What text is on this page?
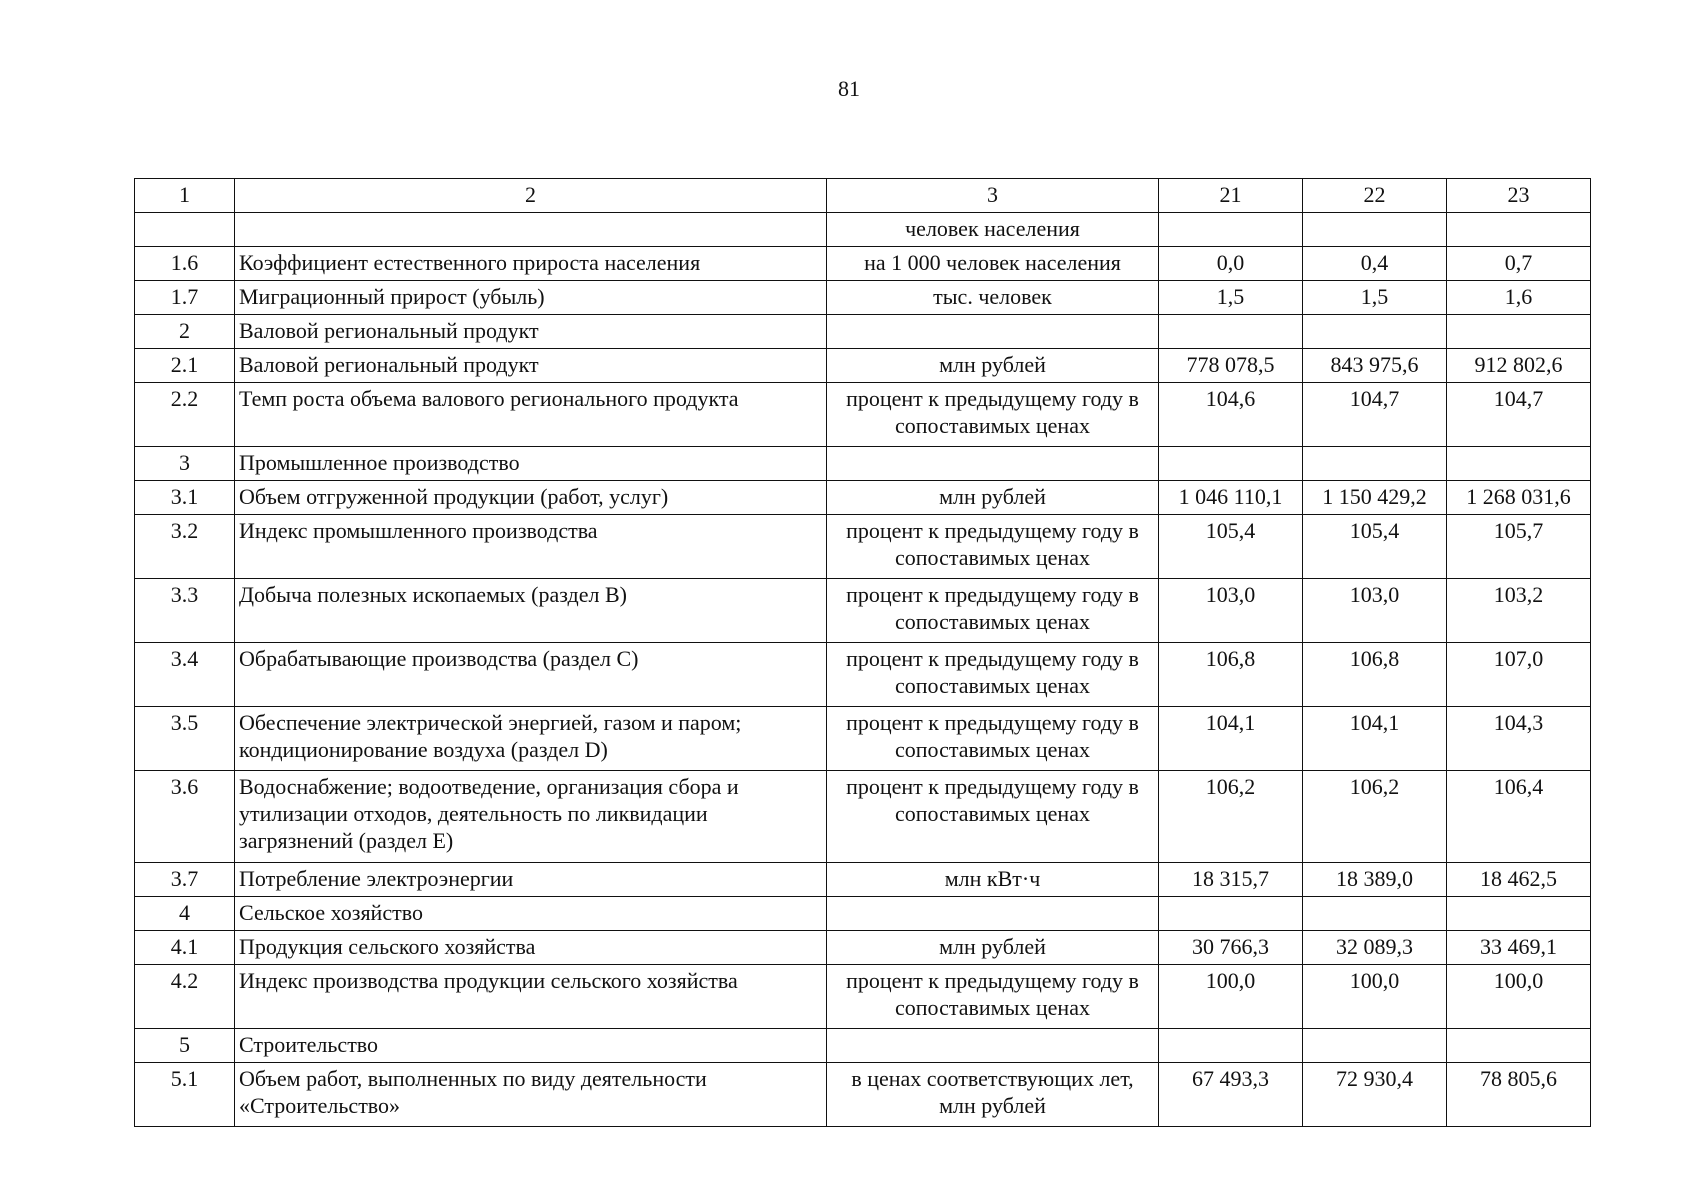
81
1	2	3	21	22	23
		человек населения			
1.6	Коэффициент естественного прироста населения	на 1 000 человек населения	0,0	0,4	0,7
1.7	Миграционный прирост (убыль)	тыс. человек	1,5	1,5	1,6
2	Валовой региональный продукт				
2.1	Валовой региональный продукт	млн рублей	778 078,5	843 975,6	912 802,6
2.2	Темп роста объема валового регионального продукта	процент к предыдущему году в сопоставимых ценах	104,6	104,7	104,7
3	Промышленное производство				
3.1	Объем отгруженной продукции (работ, услуг)	млн рублей	1 046 110,1	1 150 429,2	1 268 031,6
3.2	Индекс промышленного производства	процент к предыдущему году в сопоставимых ценах	105,4	105,4	105,7
3.3	Добыча полезных ископаемых (раздел B)	процент к предыдущему году в сопоставимых ценах	103,0	103,0	103,2
3.4	Обрабатывающие производства (раздел C)	процент к предыдущему году в сопоставимых ценах	106,8	106,8	107,0
3.5	Обеспечение электрической энергией, газом и паром; кондиционирование воздуха (раздел D)	процент к предыдущему году в сопоставимых ценах	104,1	104,1	104,3
3.6	Водоснабжение; водоотведение, организация сбора и утилизации отходов, деятельность по ликвидации загрязнений (раздел E)	процент к предыдущему году в сопоставимых ценах	106,2	106,2	106,4
3.7	Потребление электроэнергии	млн кВт·ч	18 315,7	18 389,0	18 462,5
4	Сельское хозяйство				
4.1	Продукция сельского хозяйства	млн рублей	30 766,3	32 089,3	33 469,1
4.2	Индекс производства продукции сельского хозяйства	процент к предыдущему году в сопоставимых ценах	100,0	100,0	100,0
5	Строительство				
5.1	Объем работ, выполненных по виду деятельности «Строительство»	в ценах соответствующих лет, млн рублей	67 493,3	72 930,4	78 805,6
